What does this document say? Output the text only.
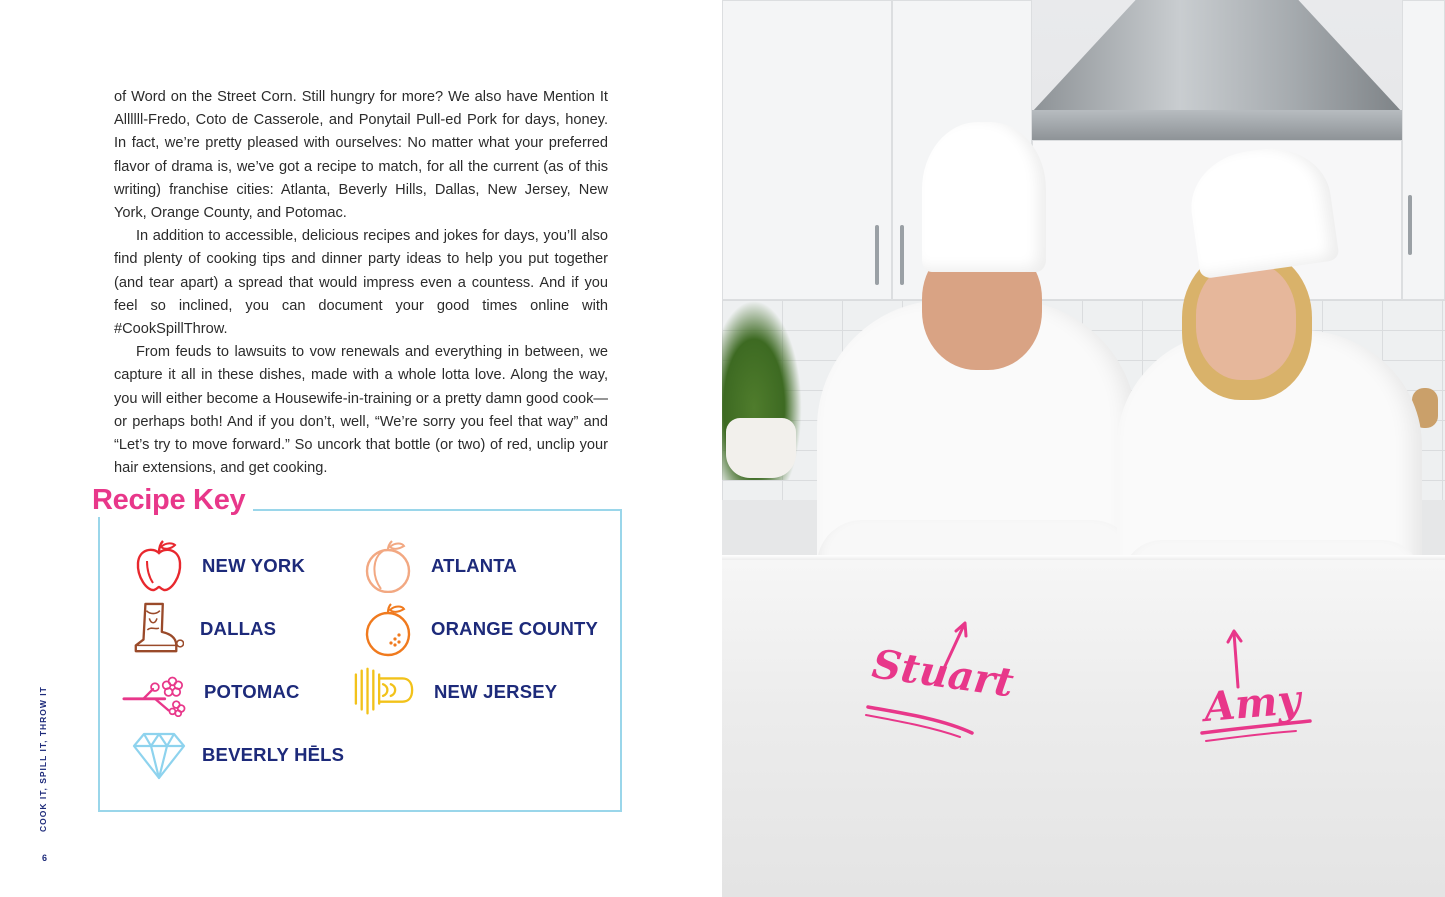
of Word on the Street Corn. Still hungry for more? We also have Mention It Allllll-Fredo, Coto de Casserole, and Ponytail Pull-ed Pork for days, honey. In fact, we’re pretty pleased with ourselves: No matter what your preferred flavor of drama is, we’ve got a recipe to match, for all the current (as of this writing) franchise cities: Atlanta, Beverly Hills, Dallas, New Jersey, New York, Orange County, and Potomac.

In addition to accessible, delicious recipes and jokes for days, you’ll also find plenty of cooking tips and dinner party ideas to help you put together (and tear apart) a spread that would impress even a countess. And if you feel so inclined, you can document your good times online with #CookSpillThrow.

From feuds to lawsuits to vow renewals and everything in between, we capture it all in these dishes, made with a whole lotta love. Along the way, you will either become a Housewife-in-training or a pretty damn good cook—or perhaps both! And if you don’t, well, “We’re sorry you feel that way” and “Let’s try to move forward.” So uncork that bottle (or two) of red, unclip your hair extensions, and get cooking.

Recipe Key
NEW YORK	ATLANTA
DALLAS	ORANGE COUNTY
POTOMAC	NEW JERSEY
BEVERLY HĒLS
COOK IT, SPILL IT, THROW IT
6
Stuart	Amy
